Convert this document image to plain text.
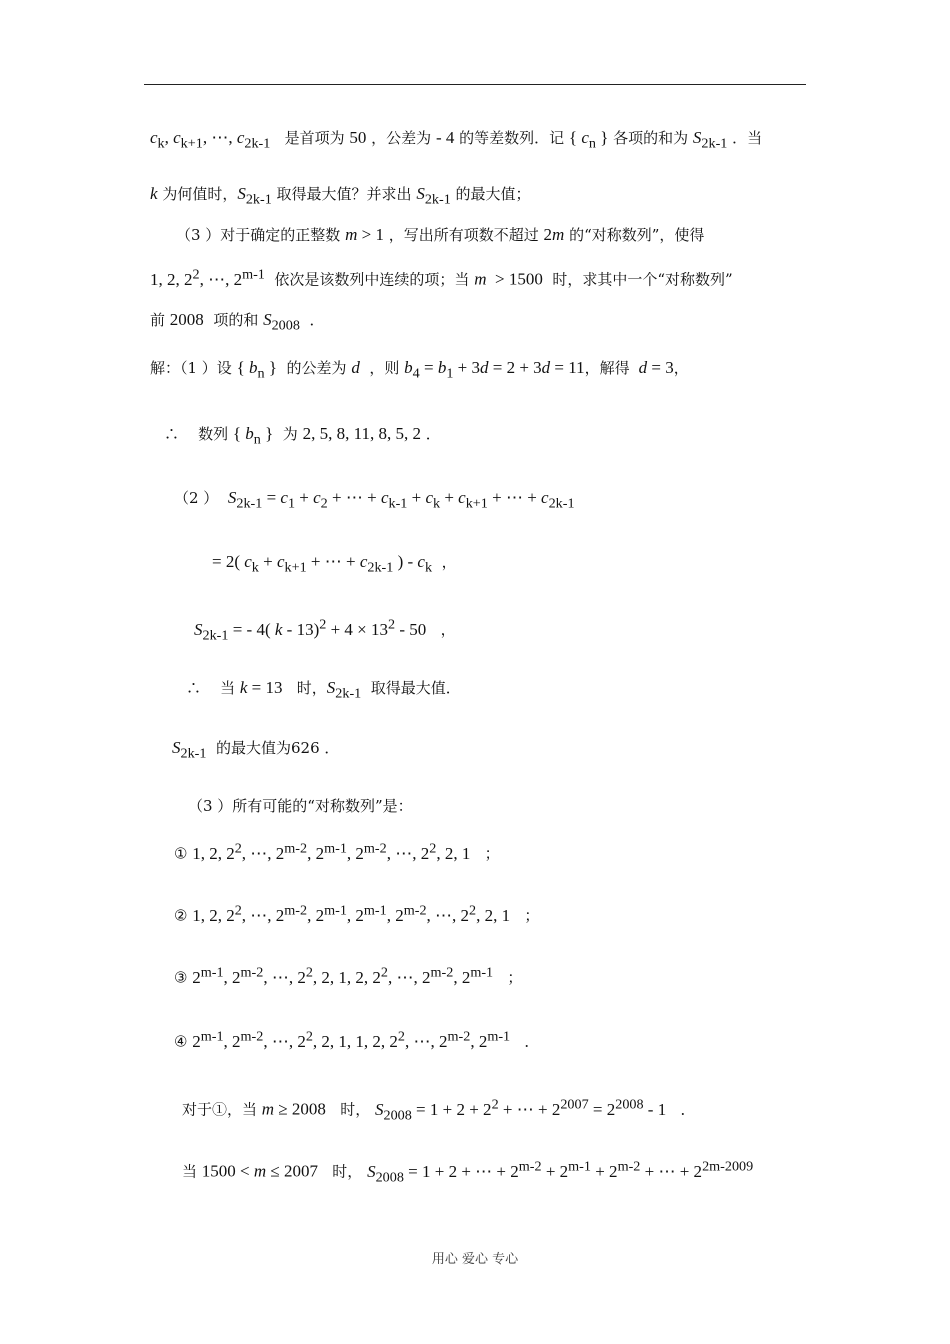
$c_k$, $c_{k+1}$, ⋯, $c_{2k-1}$   是首项为 50 ，公差为 - 4 的等差数列．记 { $c_n$ } 各项的和为 $S_{2k-1}$ ．当
k 为何值时，$S_{2k-1}$ 取得最大值？并求出 $S_{2k-1}$ 的最大值；
（3 ）对于确定的正整数 m > 1 ，写出所有项数不超过 2m 的“对称数列”，使得
1, 2, $2^2$, ⋯, 2$^{m-1}$  依次是该数列中连续的项；当 m  > 1500  时，求其中一个“对称数列”
前 2008  项的和 $S_{2008}$  ．
解：（1 ）设 { $b_n$ }  的公差为 d  ，则 $b_4 = b_1 + 3d = 2 + 3d = 11$，解得  d = 3，
∴    数列 { $b_n$ }  为 2, 5, 8, 11, 8, 5, 2 ．
（2 ）  $S_{2k-1} = c_1 + c_2$ + ⋯ + $c_{k-1} + c_k + c_{k+1}$ + ⋯ + $c_{2k-1}$
= 2( $c_k + c_{k+1}$ + ⋯ + $c_{2k-1}$ ) - $c_k$  ，
$S_{2k-1}$ = - 4( $k - 13)^2 + 4 \times 13^2 - 50$   ，
∴    当 k = 13   时，$S_{2k-1}$  取得最大值．
$S_{2k-1}$  的最大值为626 ．
（3 ）所有可能的“对称数列”是：
① 1, 2, $2^2$, ⋯, 2$^{m-2}$, 2$^{m-1}$, 2$^{m-2}$, ⋯, $2^2$, 2, 1   ；
② 1, 2, $2^2$, ⋯, 2$^{m-2}$, 2$^{m-1}$, 2$^{m-1}$, 2$^{m-2}$, ⋯, $2^2$, 2, 1   ；
③ 2$^{m-1}$, 2$^{m-2}$, ⋯, $2^2$, 2, 1, 2, $2^2$, ⋯, 2$^{m-2}$, 2$^{m-1}$   ；
④ 2$^{m-1}$, 2$^{m-2}$, ⋯, $2^2$, 2, 1, 1, 2, $2^2$, ⋯, 2$^{m-2}$, 2$^{m-1}$   ．
对于①，当 m ≥ 2008   时， $S_{2008} = 1 + 2 + 2^2$ + ⋯ + $2^{2007} = 2^{2008} - 1$   ．
当 1500 < m ≤ 2007   时， $S_{2008} = 1 + 2$ + ⋯ + $2^{m-2} + 2^{m-1} + 2^{m-2}$ + ⋯ + $2^{2m-2009}$
用心 爱心 专心
